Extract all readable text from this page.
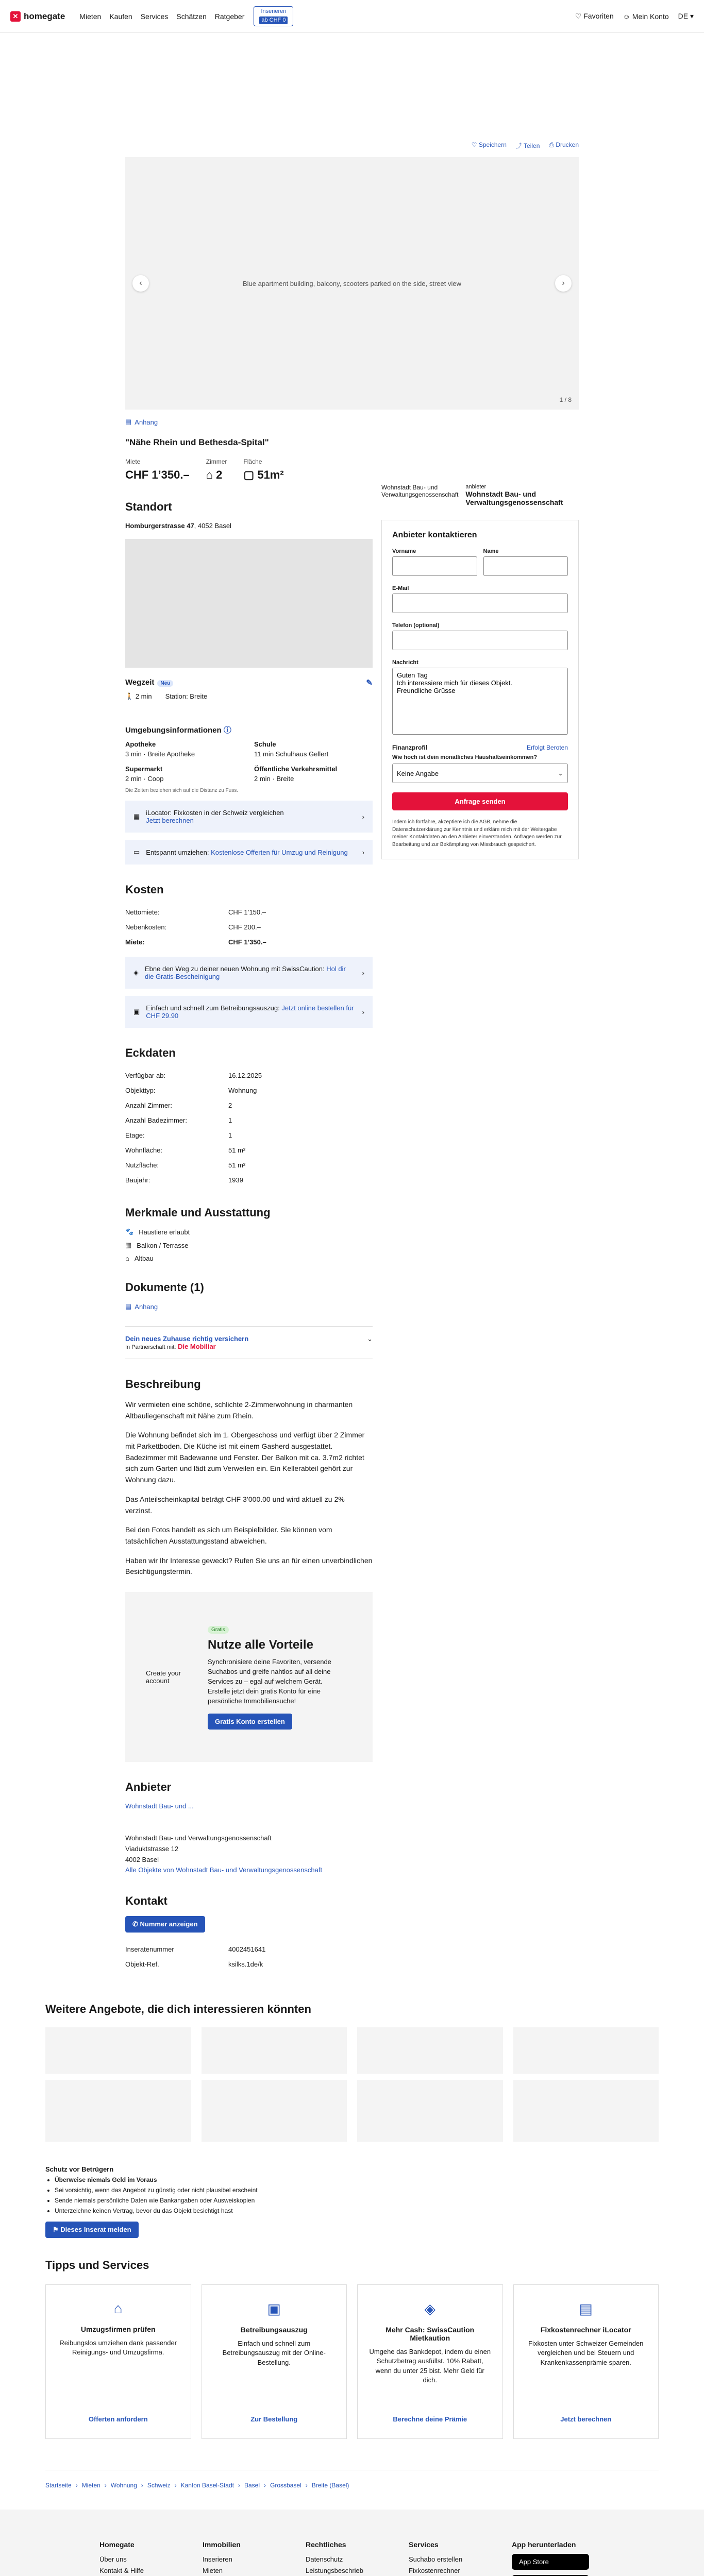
✕ homegate Mieten Kaufen Services Schätzen Ratgeber
Inserieren
ab CHF 0	♡ Favoriten ☺ Mein Konto DE ▾
♡ Speichern ⤴ Teilen ⎙ Drucken
‹	Blue apartment building, balcony, scooters parked on the side, street view	›
1 / 8
▤ Anhang
"Nähe Rhein und Bethesda-Spital"
Miete
CHF 1’350.–
Zimmer
⌂ 2
Fläche
▢ 51m²
Standort
Homburgerstrasse 47, 4052 Basel
Wegzeit Neu	✎
🚶 2 min Station: Breite
Umgebungsinformationen ⓘ
Apotheke
3 min · Breite Apotheke
Schule
11 min Schulhaus Gellert
Supermarkt
2 min · Coop
Öffentliche Verkehrsmittel
2 min · Breite
Die Zeiten beziehen sich auf die Distanz zu Fuss.
▦ iLocator: Fixkosten in der Schweiz vergleichen
Jetzt berechnen	›
▭ Entspannt umziehen: Kostenlose Offerten für Umzug und Reinigung	›
Kosten
Nettomiete:	CHF 1’150.–
Nebenkosten:	CHF 200.–
Miete:	CHF 1’350.–
◈ Ebne den Weg zu deiner neuen Wohnung mit SwissCaution: Hol dir die Gratis-Bescheinigung	›
▣ Einfach und schnell zum Betreibungsauszug: Jetzt online bestellen für CHF 29.90	›
Eckdaten
Verfügbar ab:	16.12.2025
Objekttyp:	Wohnung
Anzahl Zimmer:	2
Anzahl Badezimmer:	1
Etage:	1
Wohnfläche:	51 m²
Nutzfläche:	51 m²
Baujahr:	1939
Merkmale und Ausstattung
🐾 Haustiere erlaubt
▦ Balkon / Terrasse
⌂ Altbau
Dokumente (1)
▤ Anhang
Dein neues Zuhause richtig versichern
In Partnerschaft mit: Die Mobiliar
⌄
Beschreibung

Wir vermieten eine schöne, schlichte 2-Zimmerwohnung in charmanten Altbauliegenschaft mit Nähe zum Rhein.

Die Wohnung befindet sich im 1. Obergeschoss und verfügt über 2 Zimmer mit Parkettboden. Die Küche ist mit einem Gasherd ausgestattet. Badezimmer mit Badewanne und Fenster. Der Balkon mit ca. 3.7m2 richtet sich zum Garten und lädt zum Verweilen ein. Ein Kellerabteil gehört zur Wohnung dazu.

Das Anteilscheinkapital beträgt CHF 3’000.00 und wird aktuell zu 2% verzinst.

Bei den Fotos handelt es sich um Beispielbilder. Sie können vom tatsächlichen Ausstattungsstand abweichen.

Haben wir Ihr Interesse geweckt? Rufen Sie uns an für einen unverbindlichen Besichtigungstermin.

Create your account
Gratis
Nutze alle Vorteile

Synchronisiere deine Favoriten, versende Suchabos und greife nahtlos auf all deine Services zu – egal auf welchem Gerät. Erstelle jetzt dein gratis Konto für eine persönliche Immobiliensuche!

Gratis Konto erstellen
Anbieter
Wohnstadt Bau- und ...
Wohnstadt Bau- und Verwaltungsgenossenschaft
Viaduktstrasse 12
4002 Basel
Alle Objekte von Wohnstadt Bau- und Verwaltungsgenossenschaft
Kontakt
✆ Nummer anzeigen
Inseratenummer	4002451641
Objekt-Ref.	ksilks.1de/k
Wohnstadt Bau- und Verwaltungsgenossenschaft
anbieter
Wohnstadt Bau- und Verwaltungsgenossenschaft
Anbieter kontaktieren
Vorname	Name
E-Mail
Telefon (optional)
Nachricht
Guten Tag Ich interessiere mich für dieses Objekt. Freundliche Grüsse
Finanzprofil	Erfolgt Beroten
Wie hoch ist dein monatliches Haushaltseinkommen?
Keine Angabe	⌄
Anfrage senden
Indem ich fortfahre, akzeptiere ich die AGB, nehme die Datenschutzerklärung zur Kenntnis und erkläre mich mit der Weitergabe meiner Kontaktdaten an den Anbieter einverstanden. Anfragen werden zur Bearbeitung und zur Bekämpfung von Missbrauch gespeichert.
Weitere Angebote, die dich interessieren könnten
Schutz vor Betrügern
• Überweise niemals Geld im Voraus
• Sei vorsichtig, wenn das Angebot zu günstig oder nicht plausibel erscheint
• Sende niemals persönliche Daten wie Bankangaben oder Ausweiskopien
• Unterzeichne keinen Vertrag, bevor du das Objekt besichtigt hast
⚑ Dieses Inserat melden
Tipps und Services
⌂
Umzugsfirmen prüfen

Reibungslos umziehen dank passender Reinigungs- und Umzugsfirma.

Offerten anfordern
▣
Betreibungsauszug

Einfach und schnell zum Betreibungsauszug mit der Online-Bestellung.

Zur Bestellung
◈
Mehr Cash: SwissCaution Mietkaution

Umgehe das Bankdepot, indem du einen Schutzbetrag ausfüllst. 10% Rabatt, wenn du unter 25 bist. Mehr Geld für dich.

Berechne deine Prämie
▤
Fixkostenrechner iLocator

Fixkosten unter Schweizer Gemeinden vergleichen und bei Steuern und Krankenkassenprämie sparen.

Jetzt berechnen
Startseite › Mieten › Wohnung › Schweiz › Kanton Basel-Stadt › Basel › Grossbasel › Breite (Basel)
Homegate
Über uns
Kontakt & Hilfe
Immobilien
Inserieren
Mieten
Rechtliches
Datenschutz
Leistungsbeschrieb
Services
Suchabo erstellen
Fixkostenrechner
App herunterladen
App Store
